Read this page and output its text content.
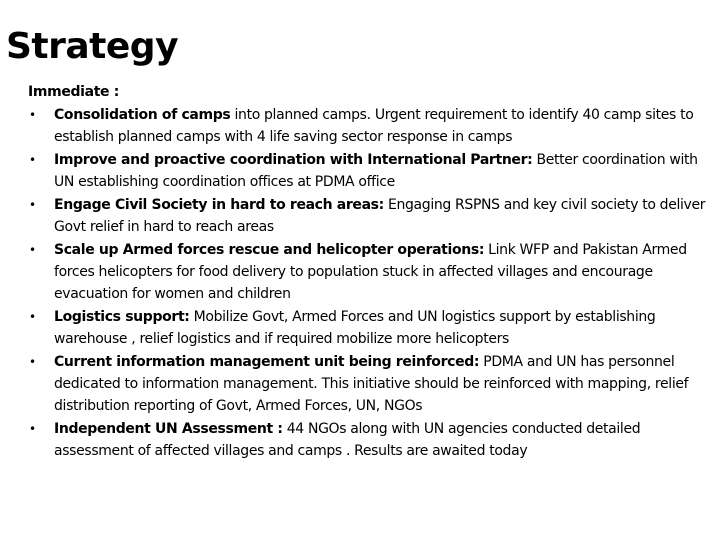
Strategy
Immediate :
• Consolidation of camps into planned camps. Urgent requirement to identify 40 camp sites to establish planned camps with 4 life saving sector response in camps
• Improve and proactive coordination with International Partner: Better coordination with UN establishing coordination offices at PDMA office
• Engage Civil Society in hard to reach areas: Engaging RSPNS and key civil society to deliver Govt relief in hard to reach areas
• Scale up Armed forces rescue and helicopter operations: Link WFP and Pakistan Armed forces helicopters for food delivery to population stuck in affected villages and encourage evacuation for women and children
• Logistics support: Mobilize Govt, Armed Forces and UN logistics support by establishing warehouse , relief logistics and if required mobilize more helicopters
• Current information management unit being reinforced: PDMA and UN has personnel dedicated to information management. This initiative should be reinforced with mapping, relief distribution reporting of Govt, Armed Forces, UN, NGOs
• Independent UN Assessment : 44 NGOs along with UN agencies conducted detailed assessment of affected villages and camps . Results are awaited today
